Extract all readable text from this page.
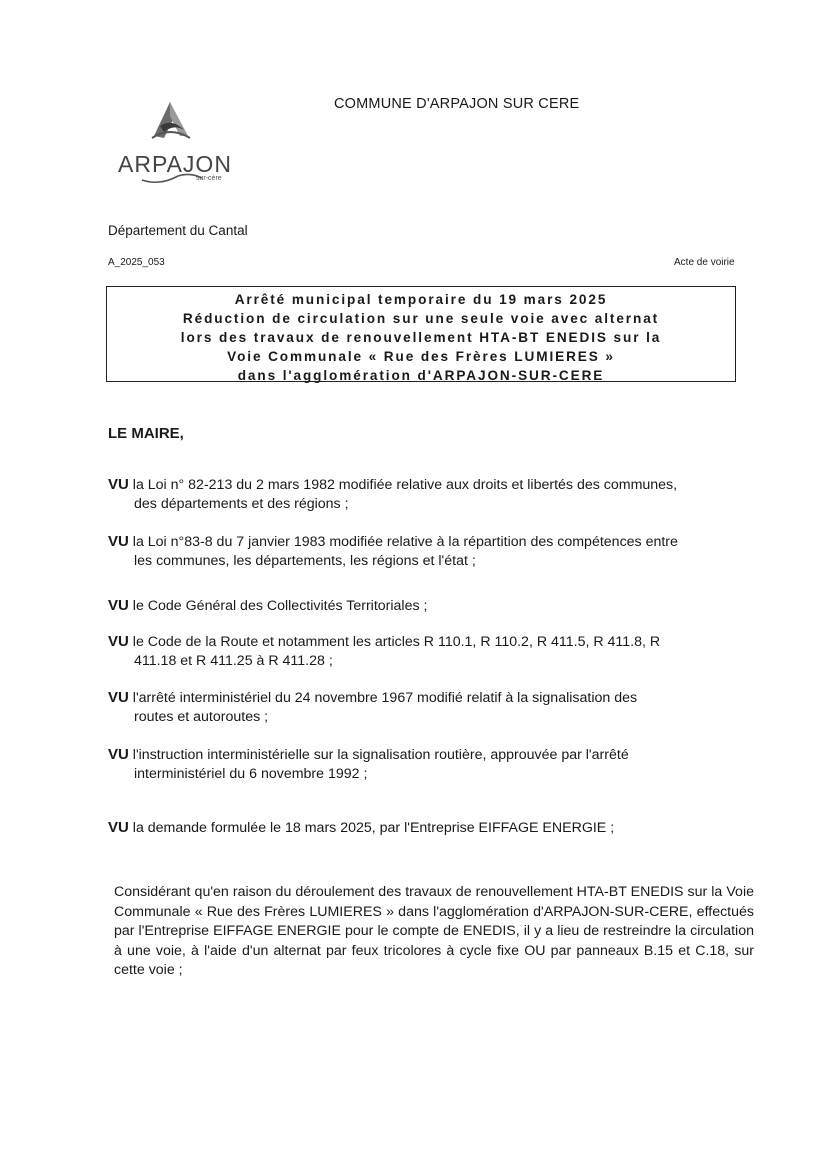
ARPAJON
sur-cère
COMMUNE D'ARPAJON SUR CERE
Département du Cantal
A_2025_053	Acte de voirie
Arrêté municipal temporaire du 19 mars 2025
Réduction de circulation sur une seule voie avec alternat
lors des travaux de renouvellement HTA-BT ENEDIS sur la
Voie Communale « Rue des Frères LUMIERES »
dans l'agglomération d'ARPAJON-SUR-CERE
LE MAIRE,
VU la Loi n° 82-213 du 2 mars 1982 modifiée relative aux droits et libertés des communes,
des départements et des régions ;
VU la Loi n°83-8 du 7 janvier 1983 modifiée relative à la répartition des compétences entre
les communes, les départements, les régions et l'état ;
VU le Code Général des Collectivités Territoriales ;
VU le Code de la Route et notamment les articles R 110.1, R 110.2, R 411.5, R 411.8, R
411.18 et R 411.25 à R 411.28 ;
VU l'arrêté interministériel du 24 novembre 1967 modifié relatif à la signalisation des
routes et autoroutes ;
VU l'instruction interministérielle sur la signalisation routière, approuvée par l'arrêté
interministériel du 6 novembre 1992 ;
VU la demande formulée le 18 mars 2025, par l'Entreprise EIFFAGE ENERGIE ;
Considérant qu'en raison du déroulement des travaux de renouvellement HTA-BT ENEDIS sur la Voie Communale « Rue des Frères LUMIERES » dans l'agglomération d'ARPAJON-SUR-CERE, effectués par l'Entreprise EIFFAGE ENERGIE pour le compte de ENEDIS, il y a lieu de restreindre la circulation à une voie, à l'aide d'un alternat par feux tricolores à cycle fixe OU par panneaux B.15 et C.18, sur cette voie ;
